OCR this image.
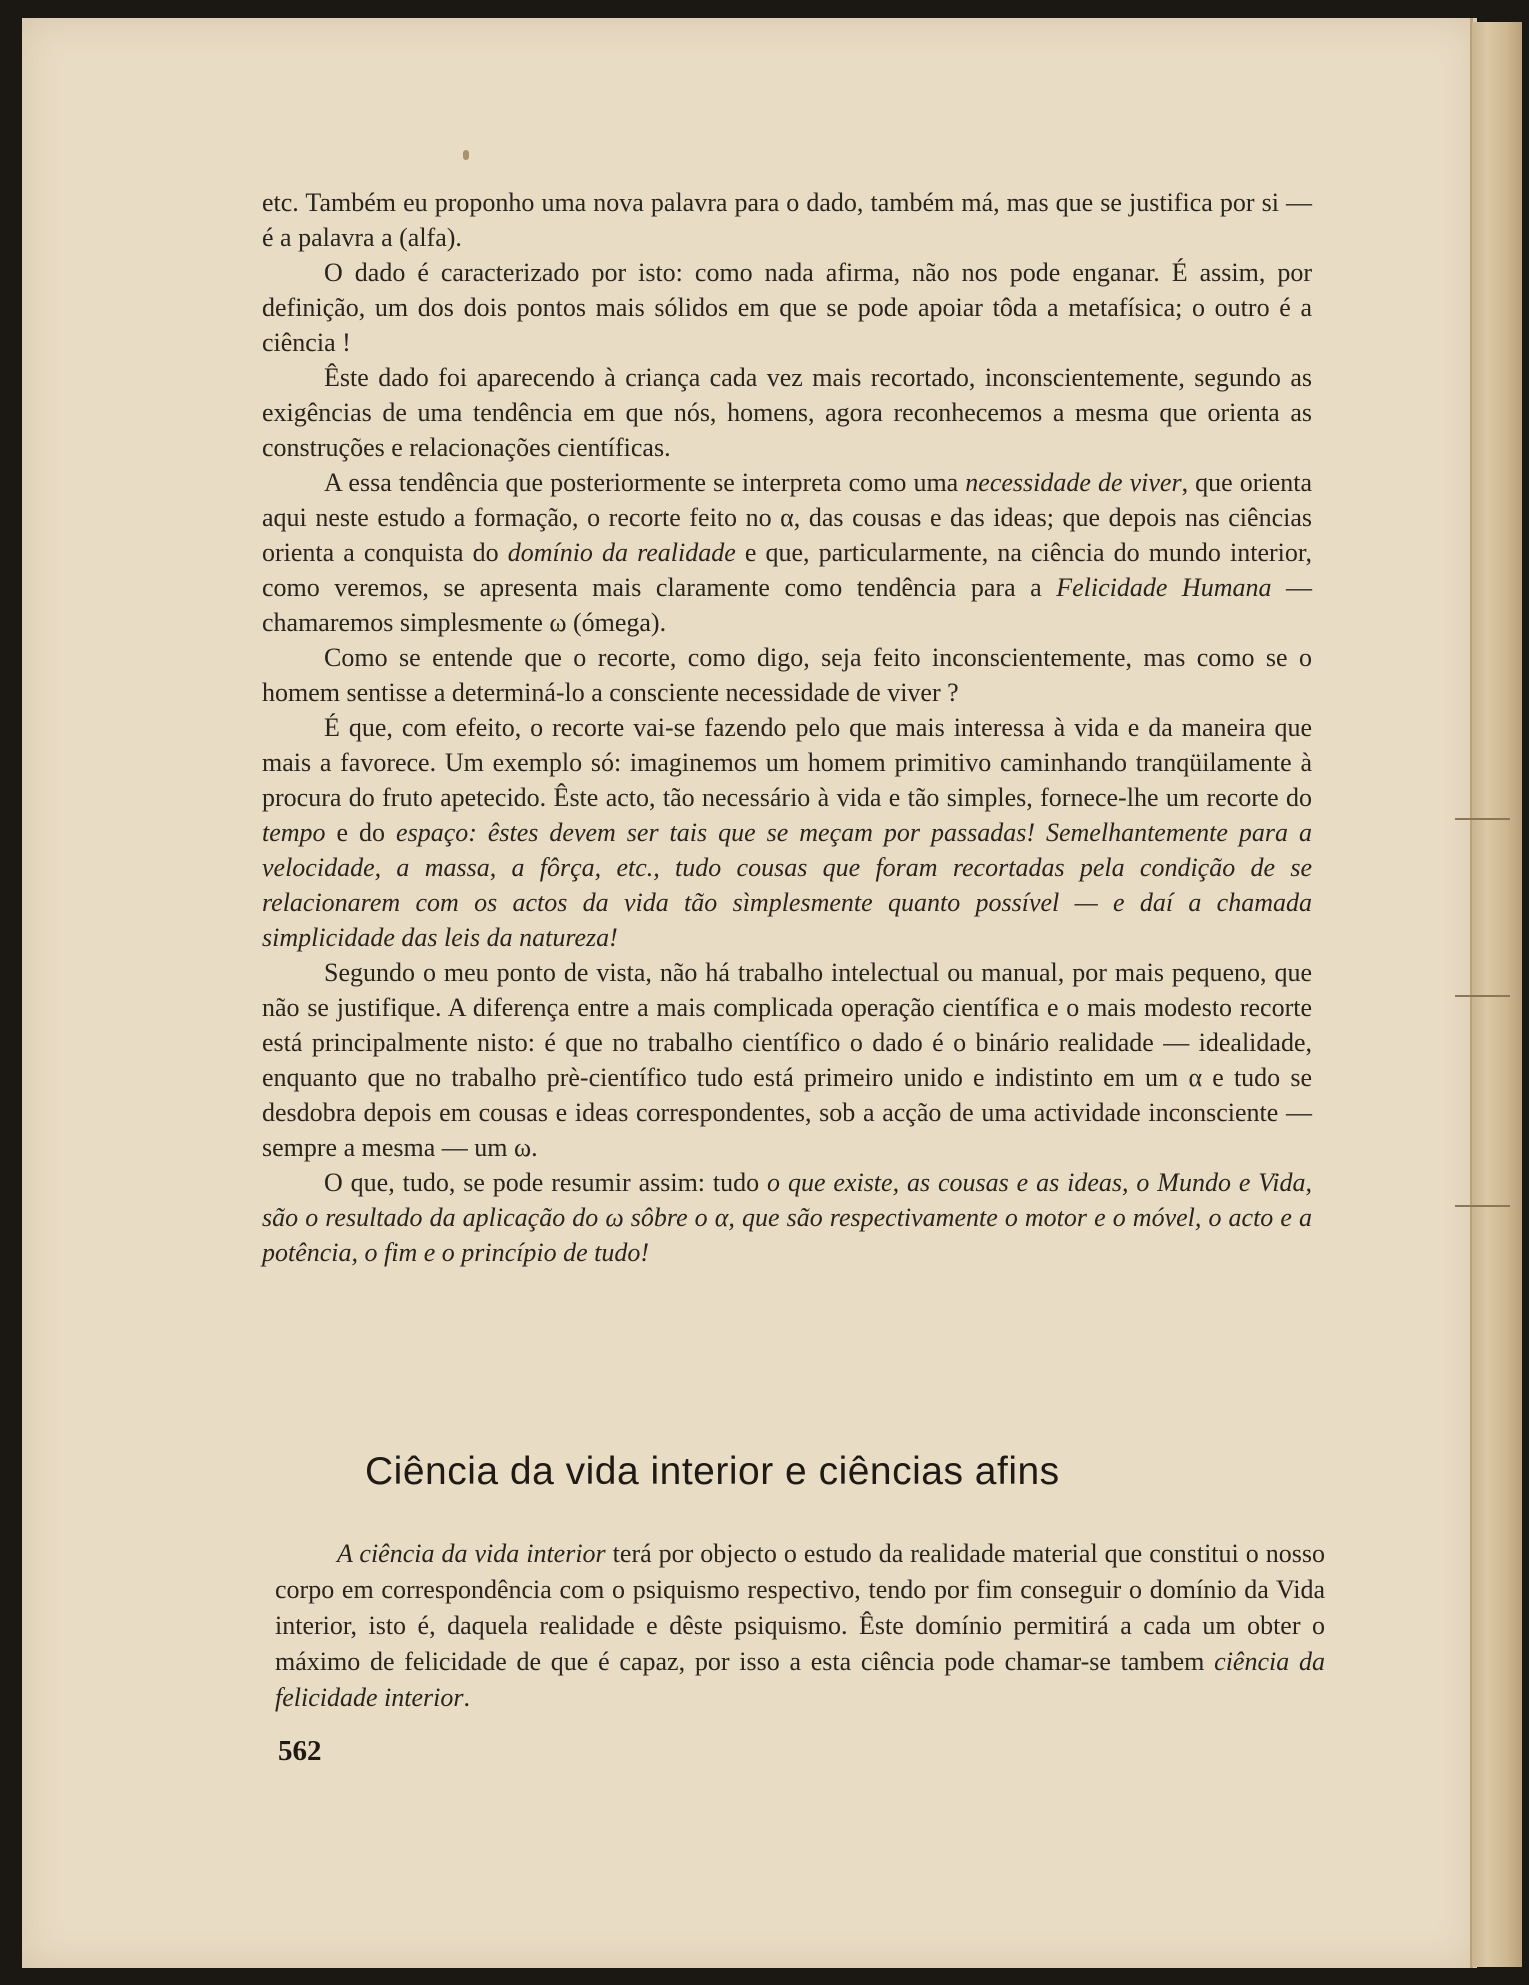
etc. Também eu proponho uma nova palavra para o dado, também má, mas que se justifica por si — é a palavra a (alfa).

O dado é caracterizado por isto: como nada afirma, não nos pode enganar. É assim, por definição, um dos dois pontos mais sólidos em que se pode apoiar tôda a metafísica; o outro é a ciência !

Êste dado foi aparecendo à criança cada vez mais recortado, inconscientemente, segundo as exigências de uma tendência em que nós, homens, agora reconhecemos a mesma que orienta as construções e relacionações científicas.

A essa tendência que posteriormente se interpreta como uma necessidade de viver, que orienta aqui neste estudo a formação, o recorte feito no α, das cousas e das ideas; que depois nas ciências orienta a conquista do domínio da realidade e que, particularmente, na ciência do mundo interior, como veremos, se apresenta mais claramente como tendência para a Felicidade Humana — chamaremos simplesmente ω (ómega).

Como se entende que o recorte, como digo, seja feito inconscientemente, mas como se o homem sentisse a determiná-lo a consciente necessidade de viver ?

É que, com efeito, o recorte vai-se fazendo pelo que mais interessa à vida e da maneira que mais a favorece. Um exemplo só: imaginemos um homem primitivo caminhando tranqüilamente à procura do fruto apetecido. Êste acto, tão necessário à vida e tão simples, fornece-lhe um recorte do tempo e do espaço: êstes devem ser tais que se meçam por passadas! Semelhantemente para a velocidade, a massa, a fôrça, etc., tudo cousas que foram recortadas pela condição de se relacionarem com os actos da vida tão sìmplesmente quanto possível — e daí a chamada simplicidade das leis da natureza!

Segundo o meu ponto de vista, não há trabalho intelectual ou manual, por mais pequeno, que não se justifique. A diferença entre a mais complicada operação científica e o mais modesto recorte está principalmente nisto: é que no trabalho científico o dado é o binário realidade — idealidade, enquanto que no trabalho prè-científico tudo está primeiro unido e indistinto em um α e tudo se desdobra depois em cousas e ideas correspondentes, sob a acção de uma actividade inconsciente — sempre a mesma — um ω.

O que, tudo, se pode resumir assim: tudo o que existe, as cousas e as ideas, o Mundo e Vida, são o resultado da aplicação do ω sôbre o α, que são respectivamente o motor e o móvel, o acto e a potência, o fim e o princípio de tudo!

Ciência da vida interior e ciências afins

A ciência da vida interior terá por objecto o estudo da realidade material que constitui o nosso corpo em correspondência com o psiquismo respectivo, tendo por fim conseguir o domínio da Vida interior, isto é, daquela realidade e dêste psiquismo. Êste domínio permitirá a cada um obter o máximo de felicidade de que é capaz, por isso a esta ciência pode chamar-se tambem ciência da felicidade interior.

562
